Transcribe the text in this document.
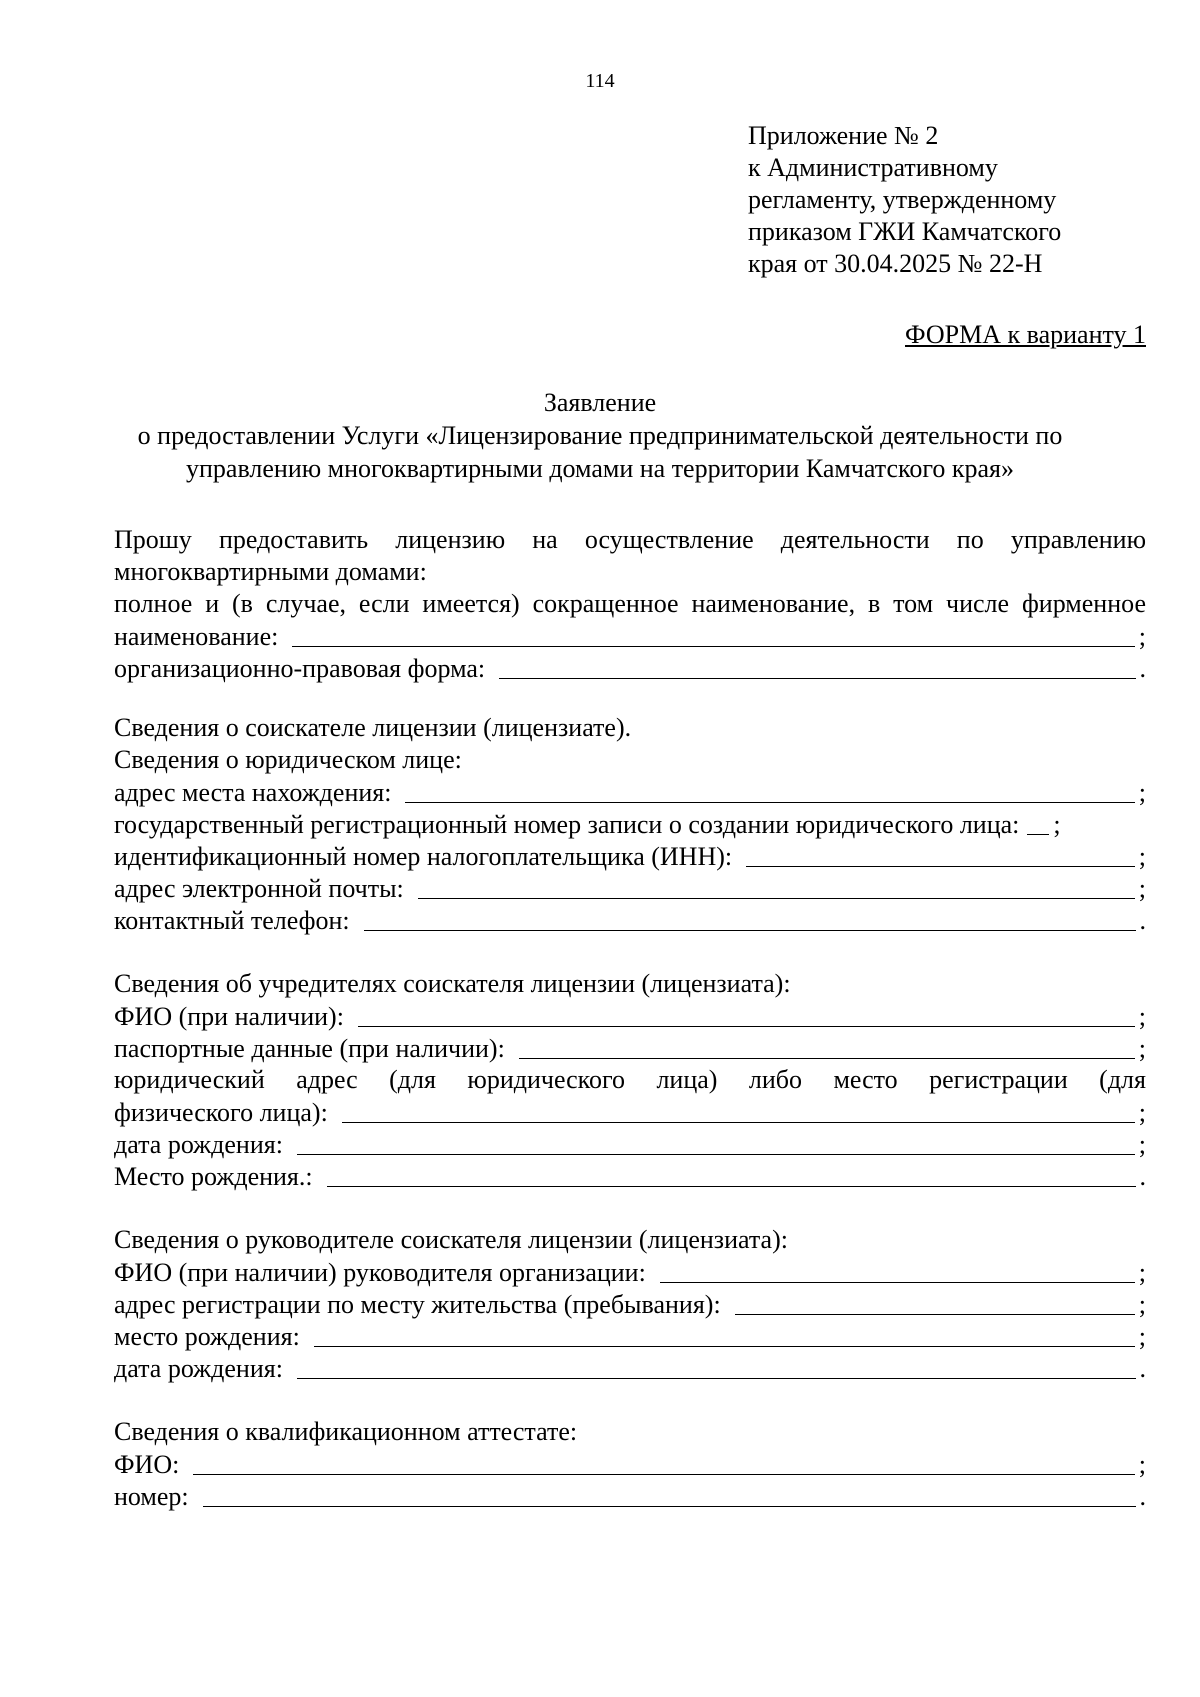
114
Приложение № 2
к Административному
регламенту, утвержденному
приказом ГЖИ Камчатского
края от 30.04.2025 № 22-Н
ФОРМА к варианту 1
Заявление
о предоставлении Услуги «Лицензирование предпринимательской деятельности по
управлению многоквартирными домами на территории Камчатского края»
Прошу предоставить лицензию на осуществление деятельности по управлению
многоквартирными домами:
полное и (в случае, если имеется) сокращенное наименование, в том числе фирменное
наименование:	;
организационно-правовая форма:	.
Сведения о соискателе лицензии (лицензиате).
Сведения о юридическом лице:
адрес места нахождения:	;
государственный регистрационный номер записи о создании юридического лица: ;
идентификационный номер налогоплательщика (ИНН):	;
адрес электронной почты:	;
контактный телефон:	.
Сведения об учредителях соискателя лицензии (лицензиата):
ФИО (при наличии):	;
паспортные данные (при наличии):	;
юридический адрес (для юридического лица) либо место регистрации (для
физического лица):	;
дата рождения:	;
Место рождения.:	.
Сведения о руководителе соискателя лицензии (лицензиата):
ФИО (при наличии) руководителя организации:	;
адрес регистрации по месту жительства (пребывания):	;
место рождения:	;
дата рождения:	.
Сведения о квалификационном аттестате:
ФИО:	;
номер:	.
